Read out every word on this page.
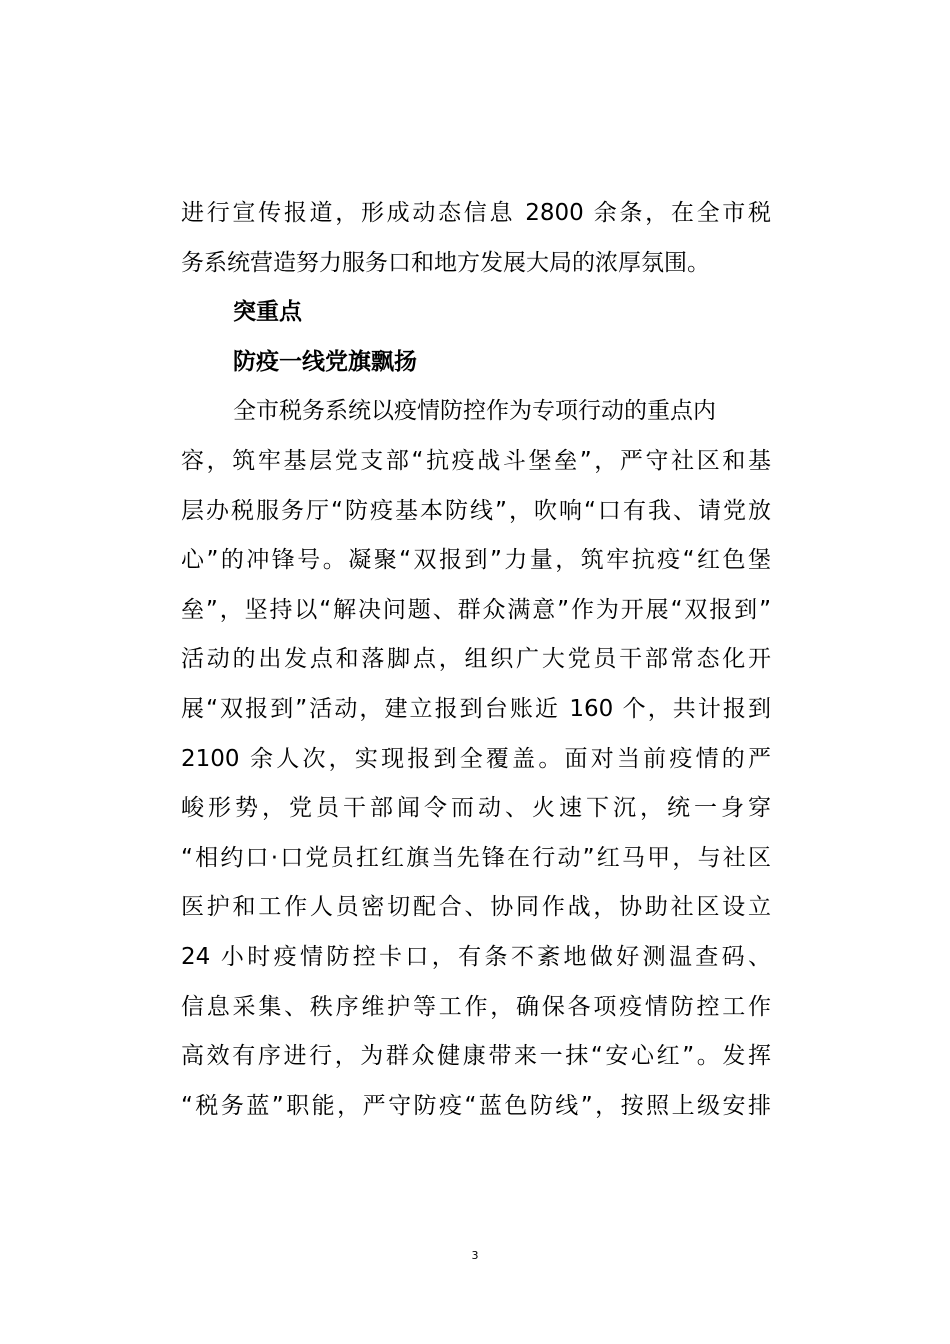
进行宣传报道，形成动态信息 2800 余条，在全市税
务系统营造努力服务口和地方发展大局的浓厚氛围。
突重点
防疫一线党旗飘扬
全市税务系统以疫情防控作为专项行动的重点内
容，筑牢基层党支部“抗疫战斗堡垒”，严守社区和基
层办税服务厅“防疫基本防线”，吹响“口有我、请党放
心”的冲锋号。凝聚“双报到”力量，筑牢抗疫“红色堡
垒”，坚持以“解决问题、群众满意”作为开展“双报到”
活动的出发点和落脚点，组织广大党员干部常态化开
展“双报到”活动，建立报到台账近 160 个，共计报到
2100 余人次，实现报到全覆盖。面对当前疫情的严
峻形势，党员干部闻令而动、火速下沉，统一身穿
“相约口·口党员扛红旗当先锋在行动”红马甲，与社区
医护和工作人员密切配合、协同作战，协助社区设立
24 小时疫情防控卡口，有条不紊地做好测温查码、
信息采集、秩序维护等工作，确保各项疫情防控工作
高效有序进行，为群众健康带来一抹“安心红”。发挥
“税务蓝”职能，严守防疫“蓝色防线”，按照上级安排
3
